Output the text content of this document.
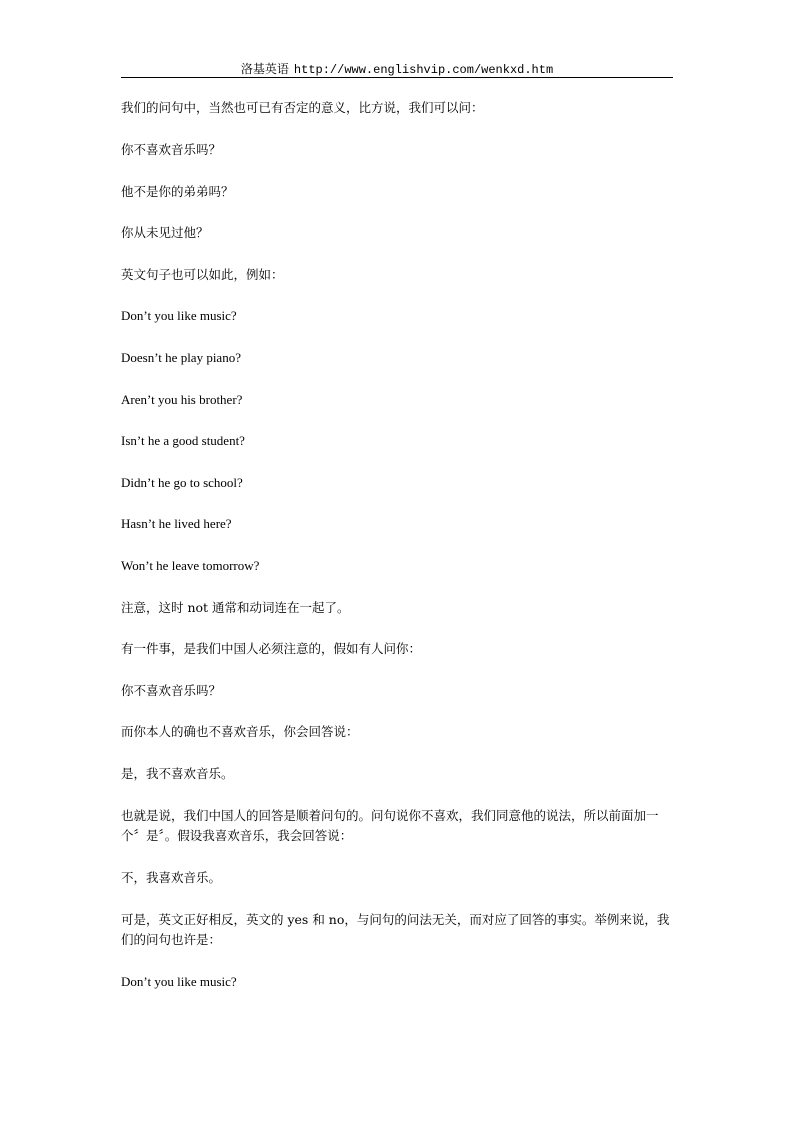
洛基英语 http://www.englishvip.com/wenkxd.htm
我们的问句中，当然也可已有否定的意义，比方说，我们可以问：
你不喜欢音乐吗？
他不是你的弟弟吗？
你从未见过他？
英文句子也可以如此，例如：
Don’t you like music?
Doesn’t he play piano?
Aren’t you his brother?
Isn’t he a good student?
Didn’t he go to school?
Hasn’t he lived here?
Won’t he leave tomorrow?
注意，这时 not 通常和动词连在一起了。
有一件事，是我们中国人必须注意的，假如有人问你：
你不喜欢音乐吗？
而你本人的确也不喜欢音乐，你会回答说：
是，我不喜欢音乐。
也就是说，我们中国人的回答是顺着问句的。问句说你不喜欢，我们同意他的说法，所以前面加一个〞是〞。假设我喜欢音乐，我会回答说：
不，我喜欢音乐。
可是，英文正好相反，英文的 yes 和 no，与问句的问法无关，而对应了回答的事实。举例来说，我们的问句也许是：
Don’t you like music?
